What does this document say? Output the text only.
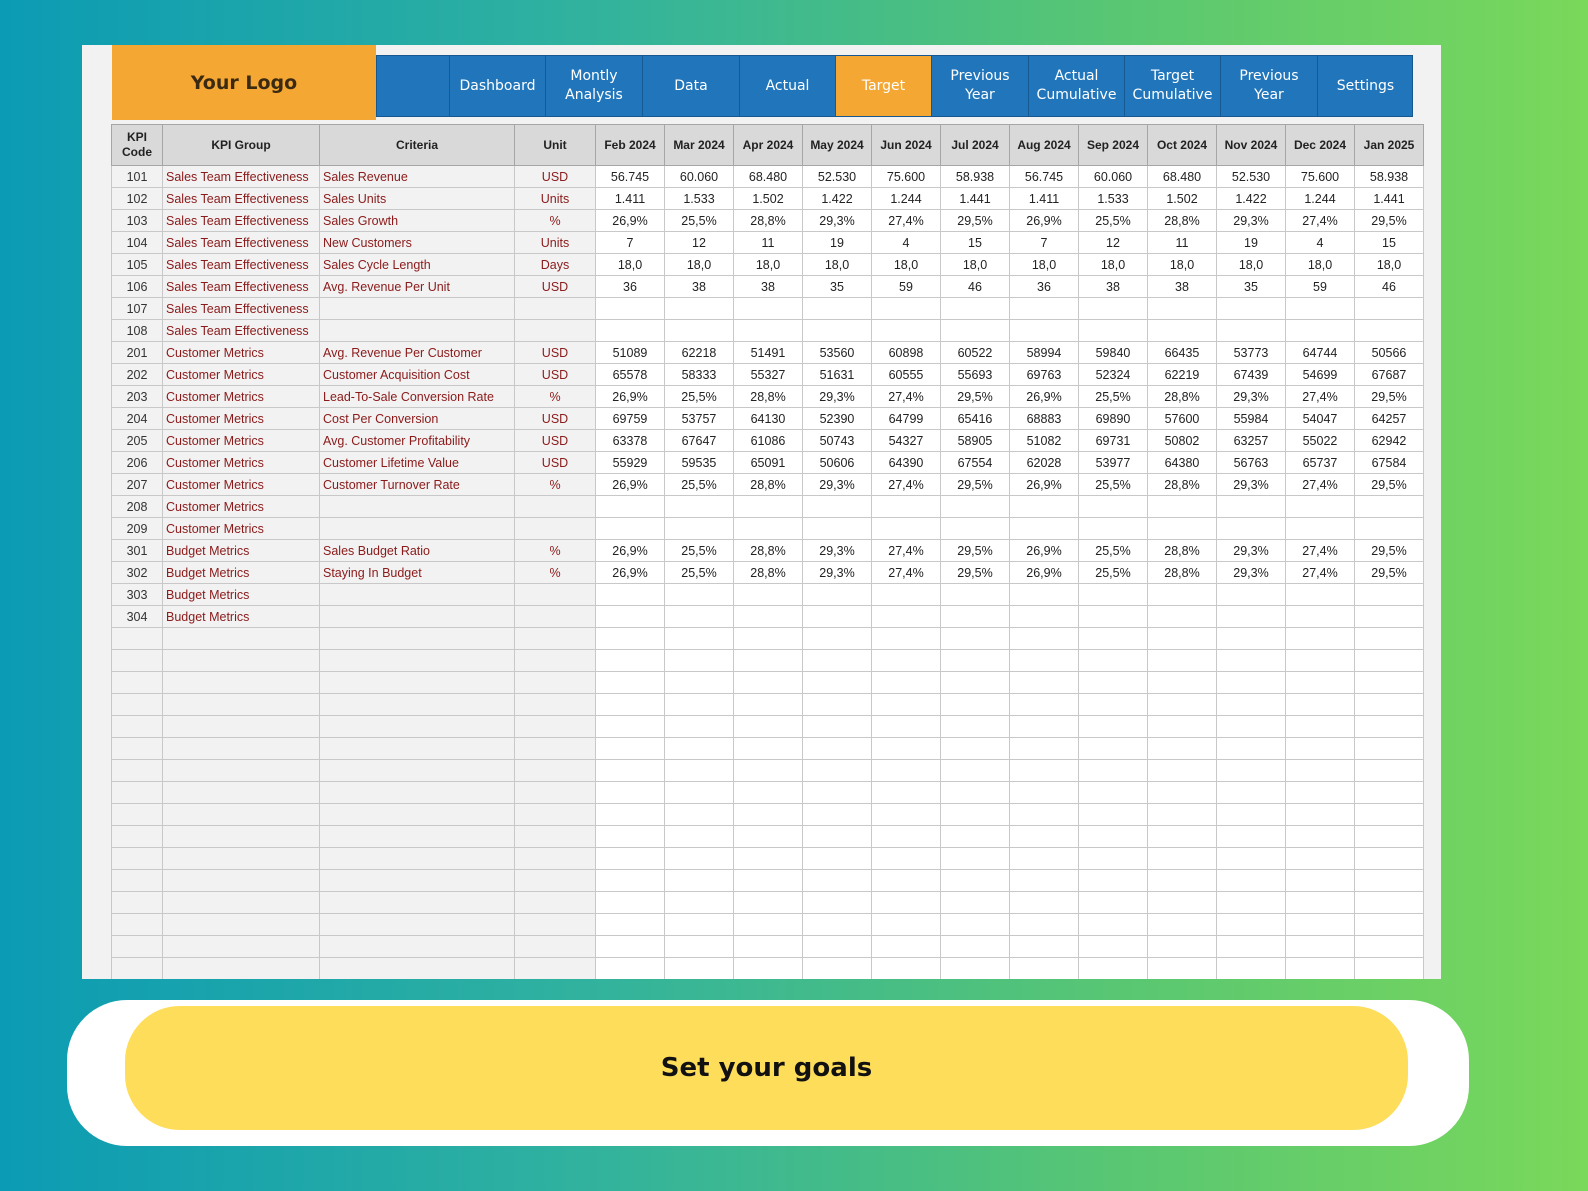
Your Logo	Dashboard
Montly
Analysis
Data	Actual	Target
Previous
Year
Actual
Cumulative
Target
Cumulative
Previous
Year
Settings
KPI
Code	KPI Group	Criteria	Unit	Feb 2024	Mar 2024	Apr 2024	May 2024	Jun 2024	Jul 2024	Aug 2024	Sep 2024	Oct 2024	Nov 2024	Dec 2024	Jan 2025
101	Sales Team Effectiveness	Sales Revenue	USD	56.745	60.060	68.480	52.530	75.600	58.938	56.745	60.060	68.480	52.530	75.600	58.938
102	Sales Team Effectiveness	Sales Units	Units	1.411	1.533	1.502	1.422	1.244	1.441	1.411	1.533	1.502	1.422	1.244	1.441
103	Sales Team Effectiveness	Sales Growth	%	26,9%	25,5%	28,8%	29,3%	27,4%	29,5%	26,9%	25,5%	28,8%	29,3%	27,4%	29,5%
104	Sales Team Effectiveness	New Customers	Units	7	12	11	19	4	15	7	12	11	19	4	15
105	Sales Team Effectiveness	Sales Cycle Length	Days	18,0	18,0	18,0	18,0	18,0	18,0	18,0	18,0	18,0	18,0	18,0	18,0
106	Sales Team Effectiveness	Avg. Revenue Per Unit	USD	36	38	38	35	59	46	36	38	38	35	59	46
107	Sales Team Effectiveness														
108	Sales Team Effectiveness														
201	Customer Metrics	Avg. Revenue Per Customer	USD	51089	62218	51491	53560	60898	60522	58994	59840	66435	53773	64744	50566
202	Customer Metrics	Customer Acquisition Cost	USD	65578	58333	55327	51631	60555	55693	69763	52324	62219	67439	54699	67687
203	Customer Metrics	Lead-To-Sale Conversion Rate	%	26,9%	25,5%	28,8%	29,3%	27,4%	29,5%	26,9%	25,5%	28,8%	29,3%	27,4%	29,5%
204	Customer Metrics	Cost Per Conversion	USD	69759	53757	64130	52390	64799	65416	68883	69890	57600	55984	54047	64257
205	Customer Metrics	Avg. Customer Profitability	USD	63378	67647	61086	50743	54327	58905	51082	69731	50802	63257	55022	62942
206	Customer Metrics	Customer Lifetime Value	USD	55929	59535	65091	50606	64390	67554	62028	53977	64380	56763	65737	67584
207	Customer Metrics	Customer Turnover Rate	%	26,9%	25,5%	28,8%	29,3%	27,4%	29,5%	26,9%	25,5%	28,8%	29,3%	27,4%	29,5%
208	Customer Metrics														
209	Customer Metrics														
301	Budget Metrics	Sales Budget Ratio	%	26,9%	25,5%	28,8%	29,3%	27,4%	29,5%	26,9%	25,5%	28,8%	29,3%	27,4%	29,5%
302	Budget Metrics	Staying In Budget	%	26,9%	25,5%	28,8%	29,3%	27,4%	29,5%	26,9%	25,5%	28,8%	29,3%	27,4%	29,5%
303	Budget Metrics														
304	Budget Metrics														

Set your goals
